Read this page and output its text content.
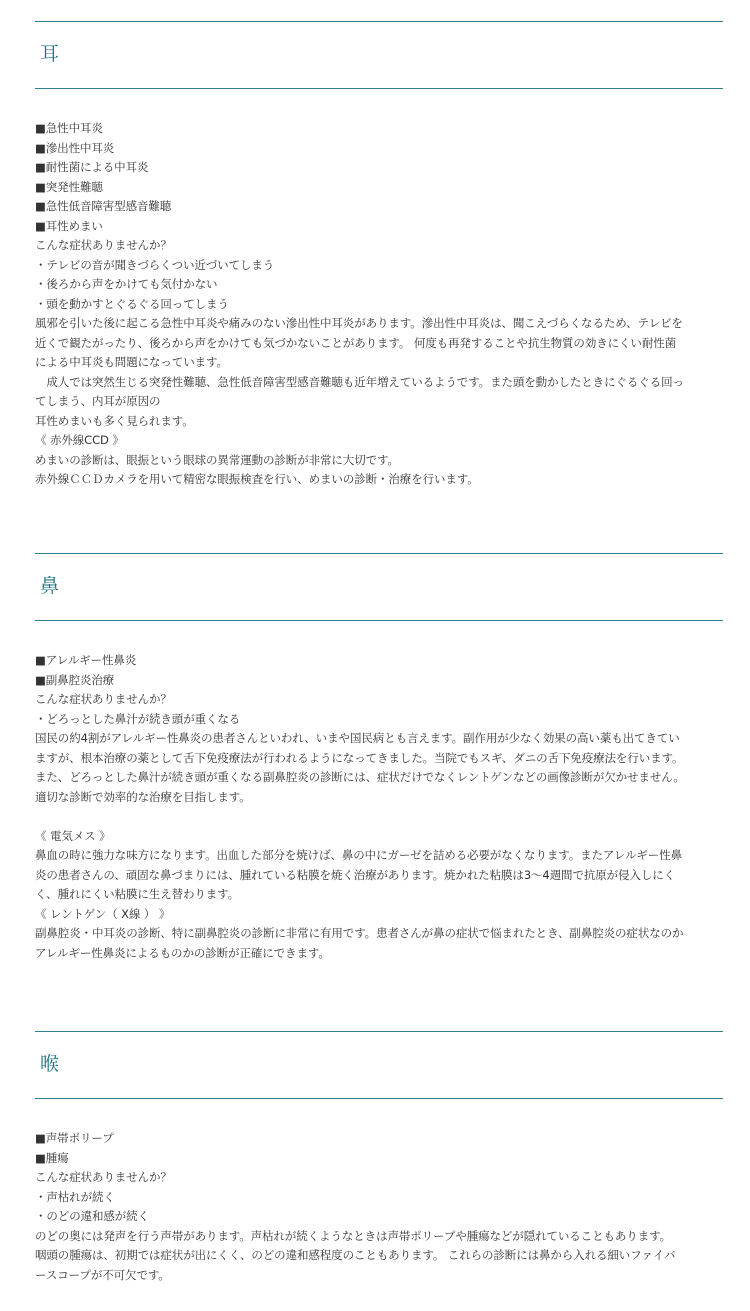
耳
■急性中耳炎
■滲出性中耳炎
■耐性菌による中耳炎
■突発性難聴
■急性低音障害型感音難聴
■耳性めまい
こんな症状ありませんか？
・テレビの音が聞きづらくつい近づいてしまう
・後ろから声をかけても気付かない
・頭を動かすとぐるぐる回ってしまう
風邪を引いた後に起こる急性中耳炎や痛みのない滲出性中耳炎があります。滲出性中耳炎は、聞こえづらくなるため、テレビを
近くで観たがったり、後ろから声をかけても気づかないことがあります。 何度も再発することや抗生物質の効きにくい耐性菌
による中耳炎も問題になっています。
　成人では突然生じる突発性難聴、急性低音障害型感音難聴も近年増えているようです。また頭を動かしたときにぐるぐる回っ
てしまう、内耳が原因の
耳性めまいも多く見られます。
《 赤外線CCD 》
めまいの診断は、眼振という眼球の異常運動の診断が非常に大切です。
赤外線ＣＣＤカメラを用いて精密な眼振検査を行い、めまいの診断・治療を行います。
鼻
■アレルギー性鼻炎
■副鼻腔炎治療
こんな症状ありませんか？
・どろっとした鼻汁が続き頭が重くなる
国民の約4割がアレルギー性鼻炎の患者さんといわれ、いまや国民病とも言えます。副作用が少なく効果の高い薬も出てきてい
ますが、根本治療の薬として舌下免疫療法が行われるようになってきました。当院でもスギ、ダニの舌下免疫療法を行います。
また、どろっとした鼻汁が続き頭が重くなる副鼻腔炎の診断には、症状だけでなくレントゲンなどの画像診断が欠かせません。
適切な診断で効率的な治療を目指します。
《 電気メス 》
鼻血の時に強力な味方になります。出血した部分を焼けば、鼻の中にガーゼを詰める必要がなくなります。またアレルギー性鼻
炎の患者さんの、頑固な鼻づまりには、腫れている粘膜を焼く治療があります。焼かれた粘膜は3～4週間で抗原が侵入しにく
く、腫れにくい粘膜に生え替わります。
《 レントゲン（ X線 ） 》
副鼻腔炎・中耳炎の診断、特に副鼻腔炎の診断に非常に有用です。患者さんが鼻の症状で悩まれたとき、副鼻腔炎の症状なのか
アレルギー性鼻炎によるものかの診断が正確にできます。
喉
■声帯ポリープ
■腫瘍
こんな症状ありませんか？
・声枯れが続く
・のどの違和感が続く
のどの奥には発声を行う声帯があります。声枯れが続くようなときは声帯ポリープや腫瘍などが隠れていることもあります。
咽頭の腫瘍は、初期では症状が出にくく、のどの違和感程度のこともあります。 これらの診断には鼻から入れる細いファイバ
ースコープが不可欠です。
